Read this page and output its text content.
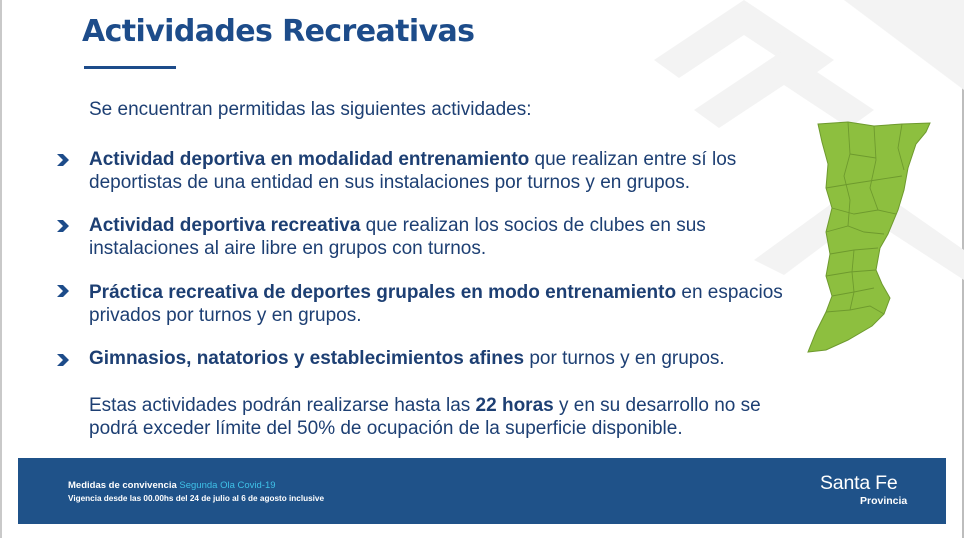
Actividades Recreativas

Se encuentran permitidas las siguientes actividades:

Actividad deportiva en modalidad entrenamiento que realizan entre sí los deportistas de una entidad en sus instalaciones por turnos y en grupos.

Actividad deportiva recreativa que realizan los socios de clubes en sus instalaciones al aire libre en grupos con turnos.

Práctica recreativa de deportes grupales en modo entrenamiento en espacios privados por turnos y en grupos.

Gimnasios, natatorios y establecimientos afines por turnos y en grupos.

Estas actividades podrán realizarse hasta las 22 horas y en su desarrollo no se podrá exceder límite del 50% de ocupación de la superficie disponible.

Medidas de convivencia Segunda Ola Covid-19

Vigencia desde las 00.00hs del 24 de julio al 6 de agosto inclusive

Santa Fe

Provincia
